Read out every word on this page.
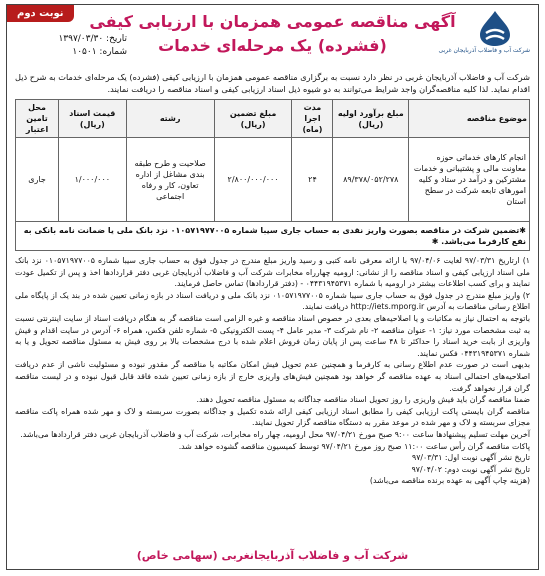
نوبت دوم
شرکت آب و فاضلاب آذربایجان غربی
آگهی مناقصه عمومی همزمان با ارزیابی کیفی
(فشرده) یک مرحله‌ای خدمات
تاریخ: ۱۳۹۷/۰۳/۳۰
شماره: ۱۰۵۰۱
شرکت آب و فاضلاب آذربایجان غربی در نظر دارد نسبت به برگزاری مناقصه عمومی همزمان با ارزیابی کیفی (فشرده) یک مرحله‌ای خدمات به شرح ذیل اقدام نماید. لذا کلیه مناقصه‌گران واجد شرایط می‌توانند به دو شیوه ذیل اسناد ارزیابی کیفی و اسناد مناقصه را دریافت نمایند.
موضوع مناقصه	مبلغ برآورد اولیه (ریال)	مدت اجرا (ماه)	مبلغ تضمین (ریال)	رشته	قیمت اسناد (ریال)	محل تامین اعتبار
انجام کارهای خدماتی حوزه معاونت مالی و پشتیبانی و خدمات مشترکین و درآمد در ستاد و کلیه امورهای تابعه شرکت در سطح استان	۸۹/۳۷۸/۰۵۲/۲۷۸	۲۴	۲/۸۰۰/۰۰۰/۰۰۰	صلاحیت و طرح طبقه بندی مشاغل از اداره تعاون، کار و رفاه اجتماعی	۱/۰۰۰/۰۰۰	جاری
✱تضمین شرکت در مناقصه بصورت واریز نقدی به حساب جاری سیبا شماره ۰۱۰۵۷۱۹۷۷۰۰۵ نزد بانک ملی یا ضمانت نامه بانکی به نفع کارفرما می‌باشد. ✱						

۱) ارتاریخ ۹۷/۰۳/۳۱ لغایت ۹۷/۰۴/۰۶ با ارائه معرفی نامه کتبی و رسید واریز مبلغ مندرج در جدول فوق به حساب جاری سیبا شماره ۰۱۰۵۷۱۹۷۷۰۰۵ نزد بانک ملی اسناد ارزیابی کیفی و اسناد مناقصه را از نشانی: ارومیه چهارراه مخابرات شرکت آب و فاضلاب آذربایجان غربی دفتر قراردادها اخذ و پس از تکمیل عودت نمایند و برای کسب اطلاعات بیشتر در ارومیه با شماره ۰۴۴۳۱۹۴۵۳۷۱ - (دفتر قراردادها) تماس حاصل فرمایند.

۲) واریز مبلغ مندرج در جدول فوق به حساب جاری سیبا شماره ۰۱۰۵۷۱۹۷۷۰۰۵ نزد بانک ملی و دریافت اسناد در بازه زمانی تعیین شده در بند یک از پایگاه ملی اطلاع رسانی مناقصات به آدرس http://iets.mporg.ir دریافت نمایند.

باتوجه به احتمال نیاز به مکاتبات و یا اصلاحیه‌های بعدی در خصوص اسناد مناقصه و غیره الزامی است مناقصه گر به هنگام دریافت اسناد از سایت اینترنتی نسبت به ثبت مشخصات مورد نیاز: ۱- عنوان مناقصه ۲- نام شرکت ۳- مدیر عامل ۴- پست الکترونیکی ۵- شماره تلفن فکس، همراه ۶- آدرس در سایت اقدام و فیش واریزی از بابت خرید اسناد را حداکثر تا ۴۸ ساعت پس از پایان زمان فروش اعلام شده با درج مشخصات بالا بر روی فیش به مسئول مناقصه تحویل و یا به شماره ۰۴۴۳۱۹۴۵۳۷۱ فکس نمایند.

بدیهی است در صورت عدم اطلاع رسانی به کارفرما و همچنین عدم تحویل فیش امکان مکاتبه با مناقصه گر مقدور نبوده و مسئولیت ناشی از عدم دریافت اصلاحیه‌های احتمالی اسناد به عهده مناقصه گر خواهد بود همچنین فیش‌های واریزی خارج از بازه زمانی تعیین شده فاقد قابل قبول نبوده و در لیست مناقصه گران قرار نخواهد گرفت.

ضمنا مناقصه گران باید فیش واریزی را روز تحویل اسناد مناقصه جداگانه به مسئول مناقصه تحویل دهند.

مناقصه گران بایستی پاکت ارزیابی کیفی را مطابق اسناد ارزیابی کیفی ارائه شده تکمیل و جداگانه بصورت سربسته و لاک و مهر شده همراه پاکت مناقصه مجزای سربسته و لاک و مهر شده در موعد مقرر به دستگاه مناقصه گزار تحویل نمایند.

آخرین مهلت تسلیم پیشنهادها ساعت ۹:۰۰ صبح مورخ ۹۷/۰۴/۲۱ محل ارومیه، چهار راه مخابرات، شرکت آب و فاضلاب آذربایجان غربی دفتر قراردادها می‌باشد.

پاکات مناقصه گران رأس ساعت ۱۱:۰۰ صبح روز مورخ ۹۷/۰۴/۲۱ توسط کمیسیون مناقصه گشوده خواهد شد.

تاریخ نشر آگهی نوبت اول: ۹۷/۰۳/۳۱

تاریخ نشر آگهی نوبت دوم: ۹۷/۰۴/۰۲

(هزینه چاپ آگهی به عهده برنده مناقصه می‌باشد)

شرکت آب و فاضلاب آذربایجانغربی (سهامی خاص)
